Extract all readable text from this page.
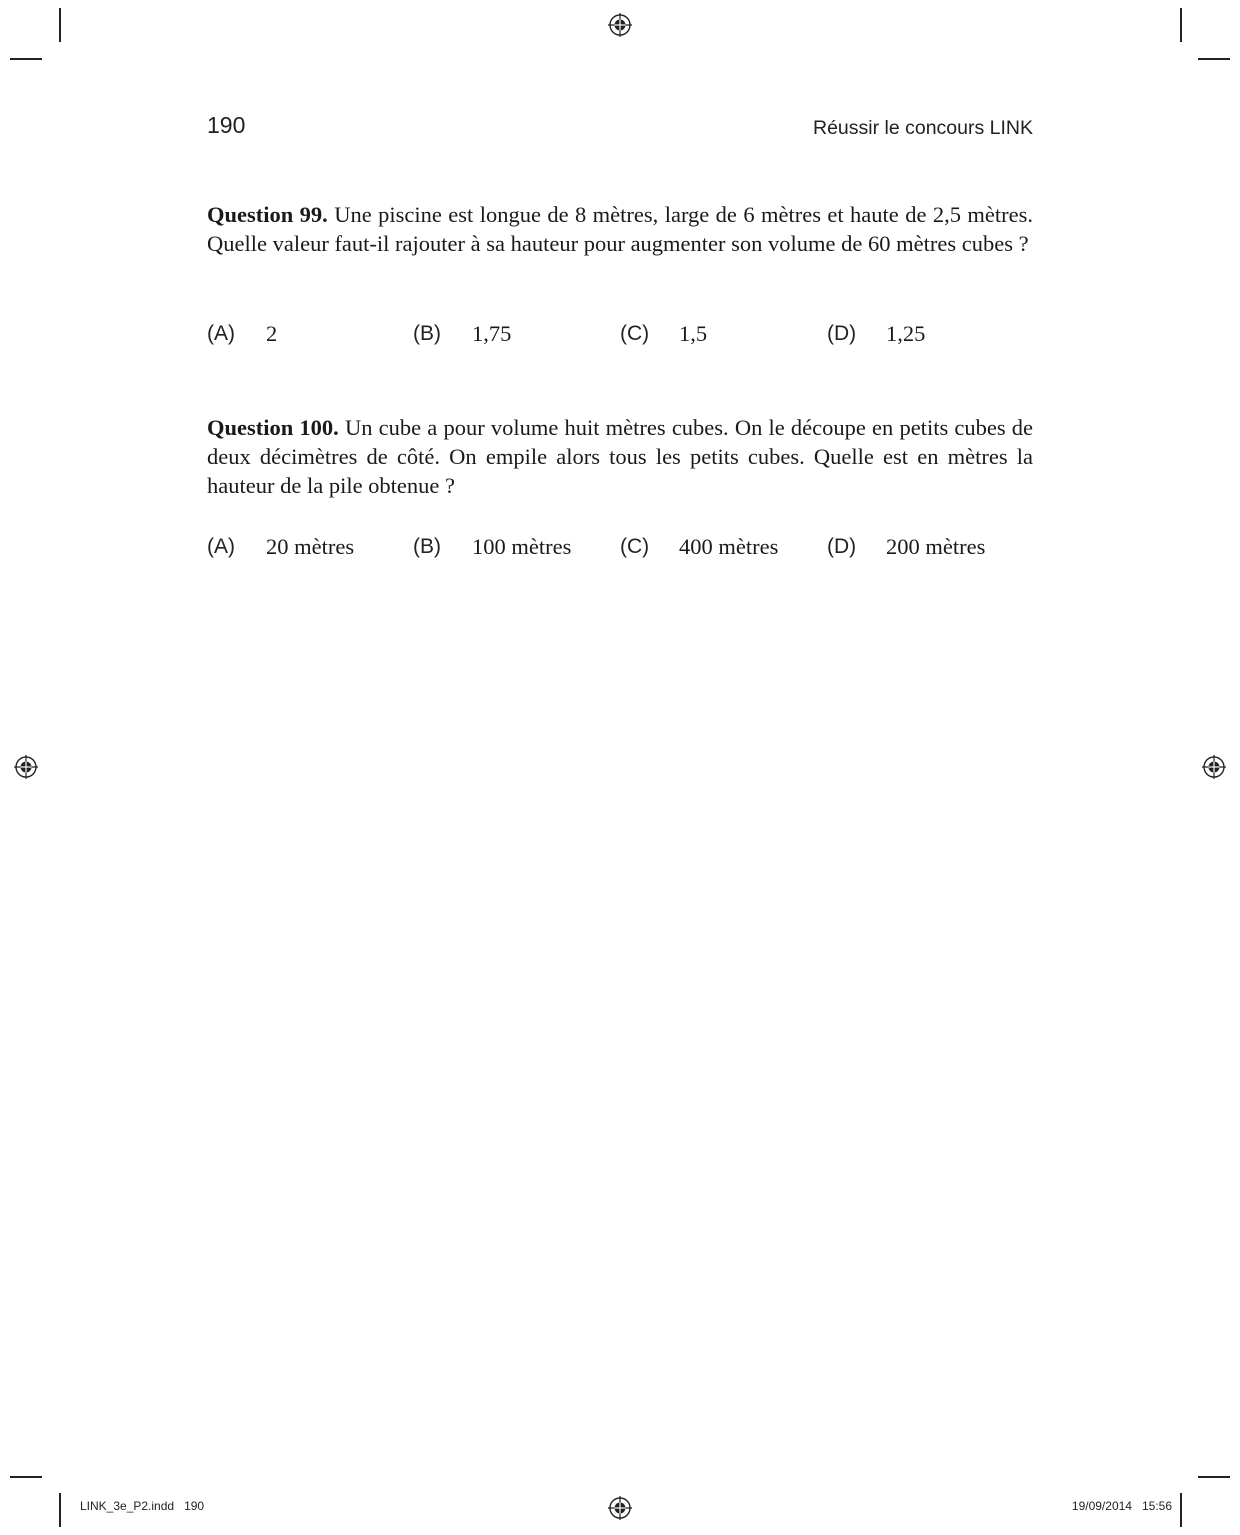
190	Réussir le concours LINK
Question 99. Une piscine est longue de 8 mètres, large de 6 mètres et haute de 2,5 mètres. Quelle valeur faut-il rajouter à sa hauteur pour augmenter son volume de 60 mètres cubes ?
(A) 2	(B) 1,75	(C) 1,5	(D) 1,25
Question 100. Un cube a pour volume huit mètres cubes. On le découpe en petits cubes de deux décimètres de côté. On empile alors tous les petits cubes. Quelle est en mètres la hauteur de la pile obtenue ?
(A) 20 mètres	(B) 100 mètres (C) 400 mètres (D) 200 mètres
LINK_3e_P2.indd   190	19/09/2014   15:56
